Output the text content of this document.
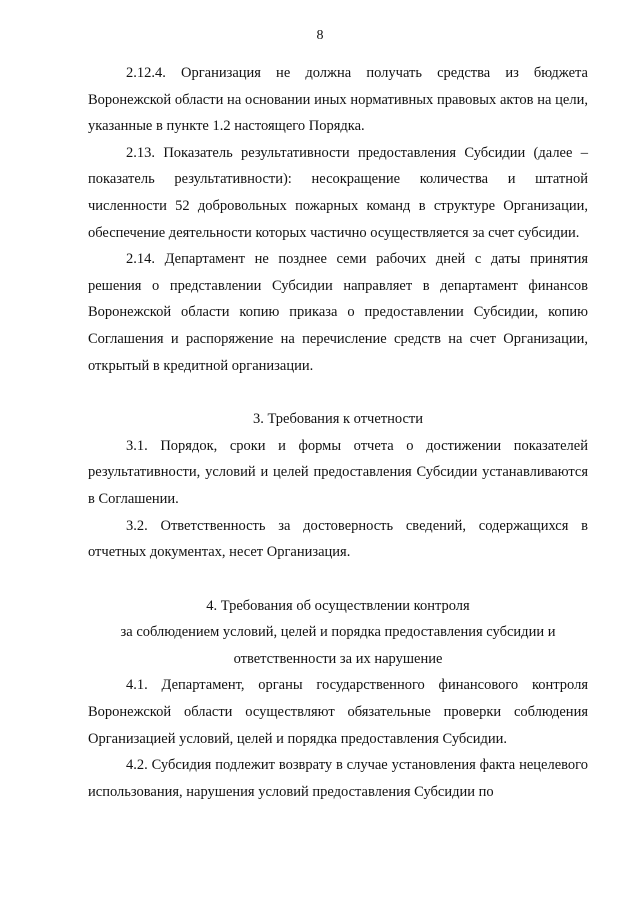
8

2.12.4. Организация не должна получать средства из бюджета Воронежской области на основании иных нормативных правовых актов на цели, указанные в пункте 1.2 настоящего Порядка.

2.13. Показатель результативности предоставления Субсидии (далее – показатель результативности): несокращение количества и штатной численности 52 добровольных пожарных команд в структуре Организации, обеспечение деятельности которых частично осуществляется за счет субсидии.

2.14. Департамент не позднее семи рабочих дней с даты принятия решения о представлении Субсидии направляет в департамент финансов Воронежской области копию приказа о предоставлении Субсидии, копию Соглашения и распоряжение на перечисление средств на счет Организации, открытый в кредитной организации.

3. Требования к отчетности

3.1. Порядок, сроки и формы отчета о достижении показателей результативности, условий и целей предоставления Субсидии устанавливаются в Соглашении.

3.2. Ответственность за достоверность сведений, содержащихся в отчетных документах, несет Организация.

4. Требования об осуществлении контроля

за соблюдением условий, целей и порядка предоставления субсидии и

ответственности за их нарушение

4.1. Департамент, органы государственного финансового контроля Воронежской области осуществляют обязательные проверки соблюдения Организацией условий, целей и порядка предоставления Субсидии.

4.2. Субсидия подлежит возврату в случае установления факта нецелевого использования, нарушения условий предоставления Субсидии по
